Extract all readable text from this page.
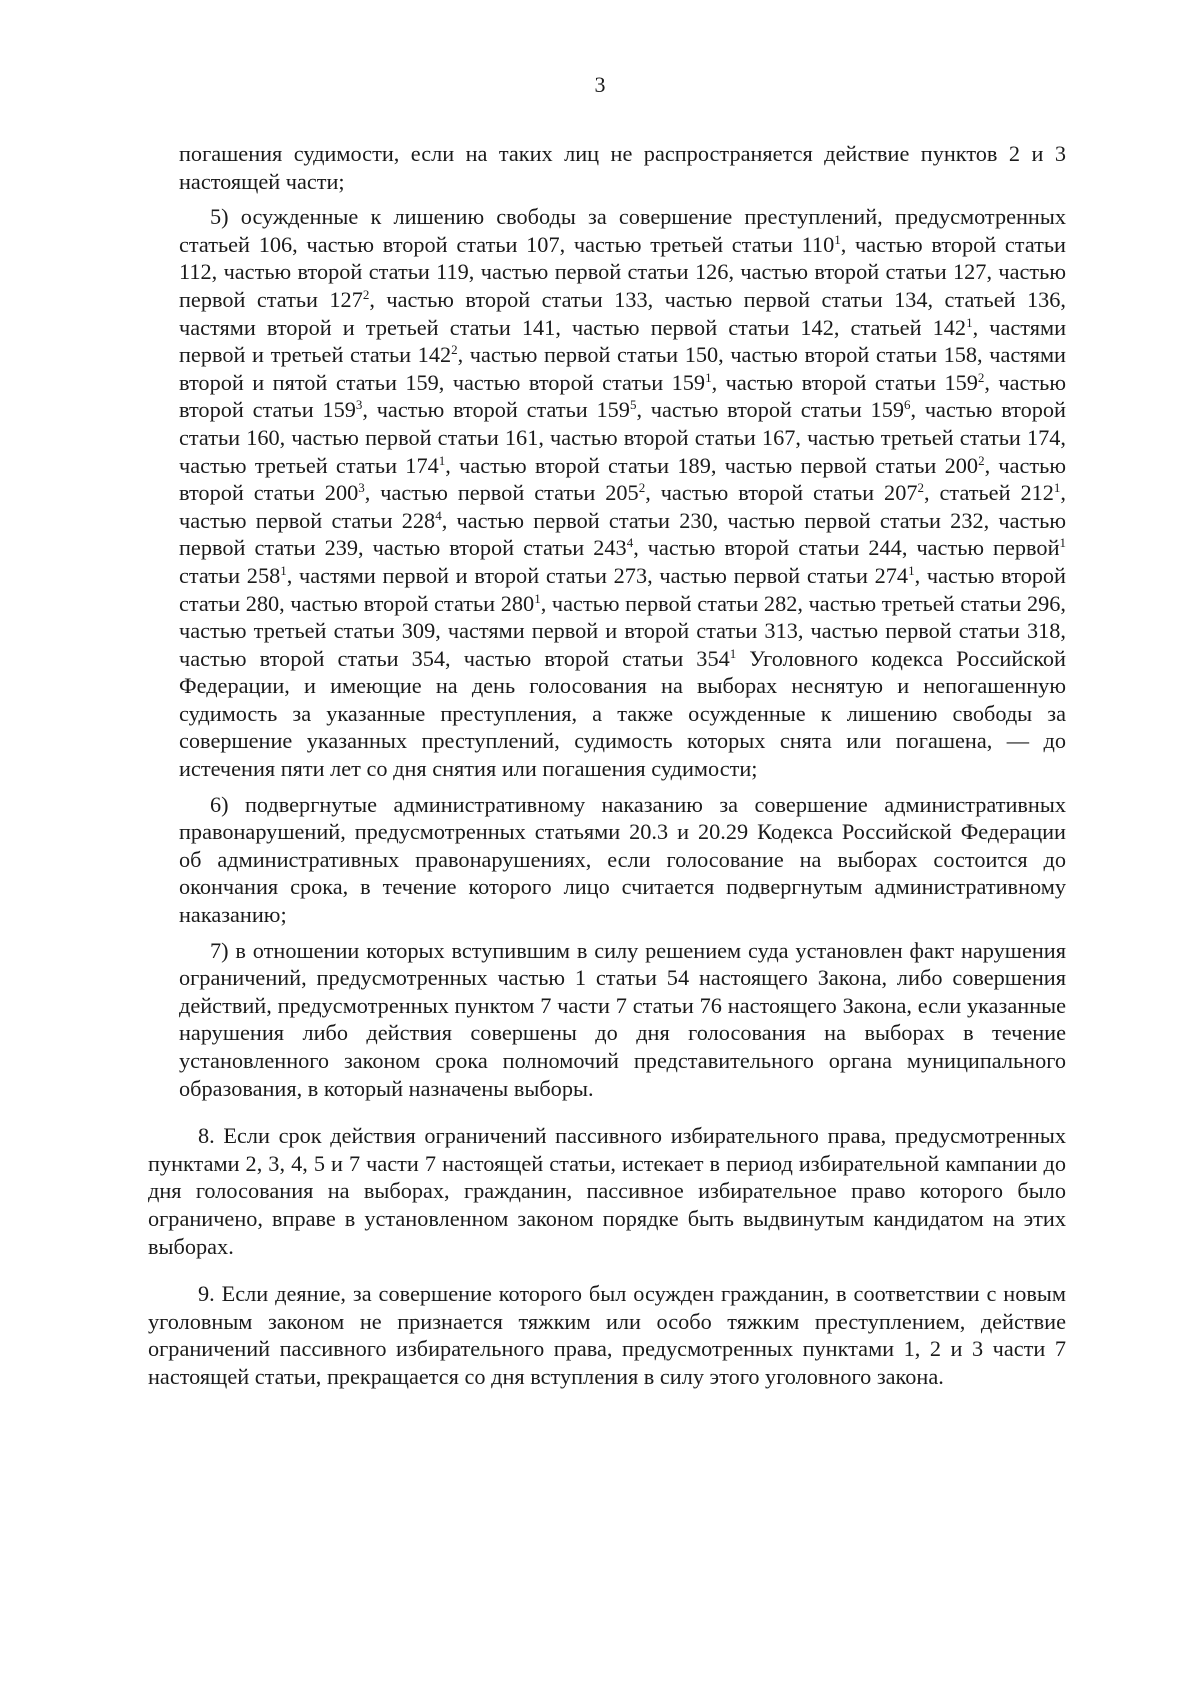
3

погашения судимости, если на таких лиц не распространяется действие пунктов 2 и 3 настоящей части;

5) осужденные к лишению свободы за совершение преступлений, предусмотренных статьей 106, частью второй статьи 107, частью третьей статьи $110^1$, частью второй статьи 112, частью второй статьи 119, частью первой статьи 126, частью второй статьи 127, частью первой статьи $127^2$, частью второй статьи 133, частью первой статьи 134, статьей 136, частями второй и третьей статьи 141, частью первой статьи 142, статьей $142^1$, частями первой и третьей статьи $142^2$, частью первой статьи 150, частью второй статьи 158, частями второй и пятой статьи 159, частью второй статьи $159^1$, частью второй статьи $159^2$, частью второй статьи $159^3$, частью второй статьи $159^5$, частью второй статьи $159^6$, частью второй статьи 160, частью первой статьи 161, частью второй статьи 167, частью третьей статьи 174, частью третьей статьи $174^1$, частью второй статьи 189, частью первой статьи $200^2$, частью второй статьи $200^3$, частью первой статьи $205^2$, частью второй статьи $207^2$, статьей $212^1$, частью первой статьи $228^4$, частью первой статьи 230, частью первой статьи 232, частью первой статьи 239, частью второй статьи $243^4$, частью второй статьи 244, частью первой$^1$ статьи $258^1$, частями первой и второй статьи 273, частью первой статьи $274^1$, частью второй статьи 280, частью второй статьи $280^1$, частью первой статьи 282, частью третьей статьи 296, частью третьей статьи 309, частями первой и второй статьи 313, частью первой статьи 318, частью второй статьи 354, частью второй статьи $354^1$ Уголовного кодекса Российской Федерации, и имеющие на день голосования на выборах неснятую и непогашенную судимость за указанные преступления, а также осужденные к лишению свободы за совершение указанных преступлений, судимость которых снята или погашена, — до истечения пяти лет со дня снятия или погашения судимости;

6) подвергнутые административному наказанию за совершение административных правонарушений, предусмотренных статьями 20.3 и 20.29 Кодекса Российской Федерации об административных правонарушениях, если голосование на выборах состоится до окончания срока, в течение которого лицо считается подвергнутым административному наказанию;

7) в отношении которых вступившим в силу решением суда установлен факт нарушения ограничений, предусмотренных частью 1 статьи 54 настоящего Закона, либо совершения действий, предусмотренных пунктом 7 части 7 статьи 76 настоящего Закона, если указанные нарушения либо действия совершены до дня голосования на выборах в течение установленного законом срока полномочий представительного органа муниципального образования, в который назначены выборы.

8. Если срок действия ограничений пассивного избирательного права, предусмотренных пунктами 2, 3, 4, 5 и 7 части 7 настоящей статьи, истекает в период избирательной кампании до дня голосования на выборах, гражданин, пассивное избирательное право которого было ограничено, вправе в установленном законом порядке быть выдвинутым кандидатом на этих выборах.

9. Если деяние, за совершение которого был осужден гражданин, в соответствии с новым уголовным законом не признается тяжким или особо тяжким преступлением, действие ограничений пассивного избирательного права, предусмотренных пунктами 1, 2 и 3 части 7 настоящей статьи, прекращается со дня вступления в силу этого уголовного закона.
